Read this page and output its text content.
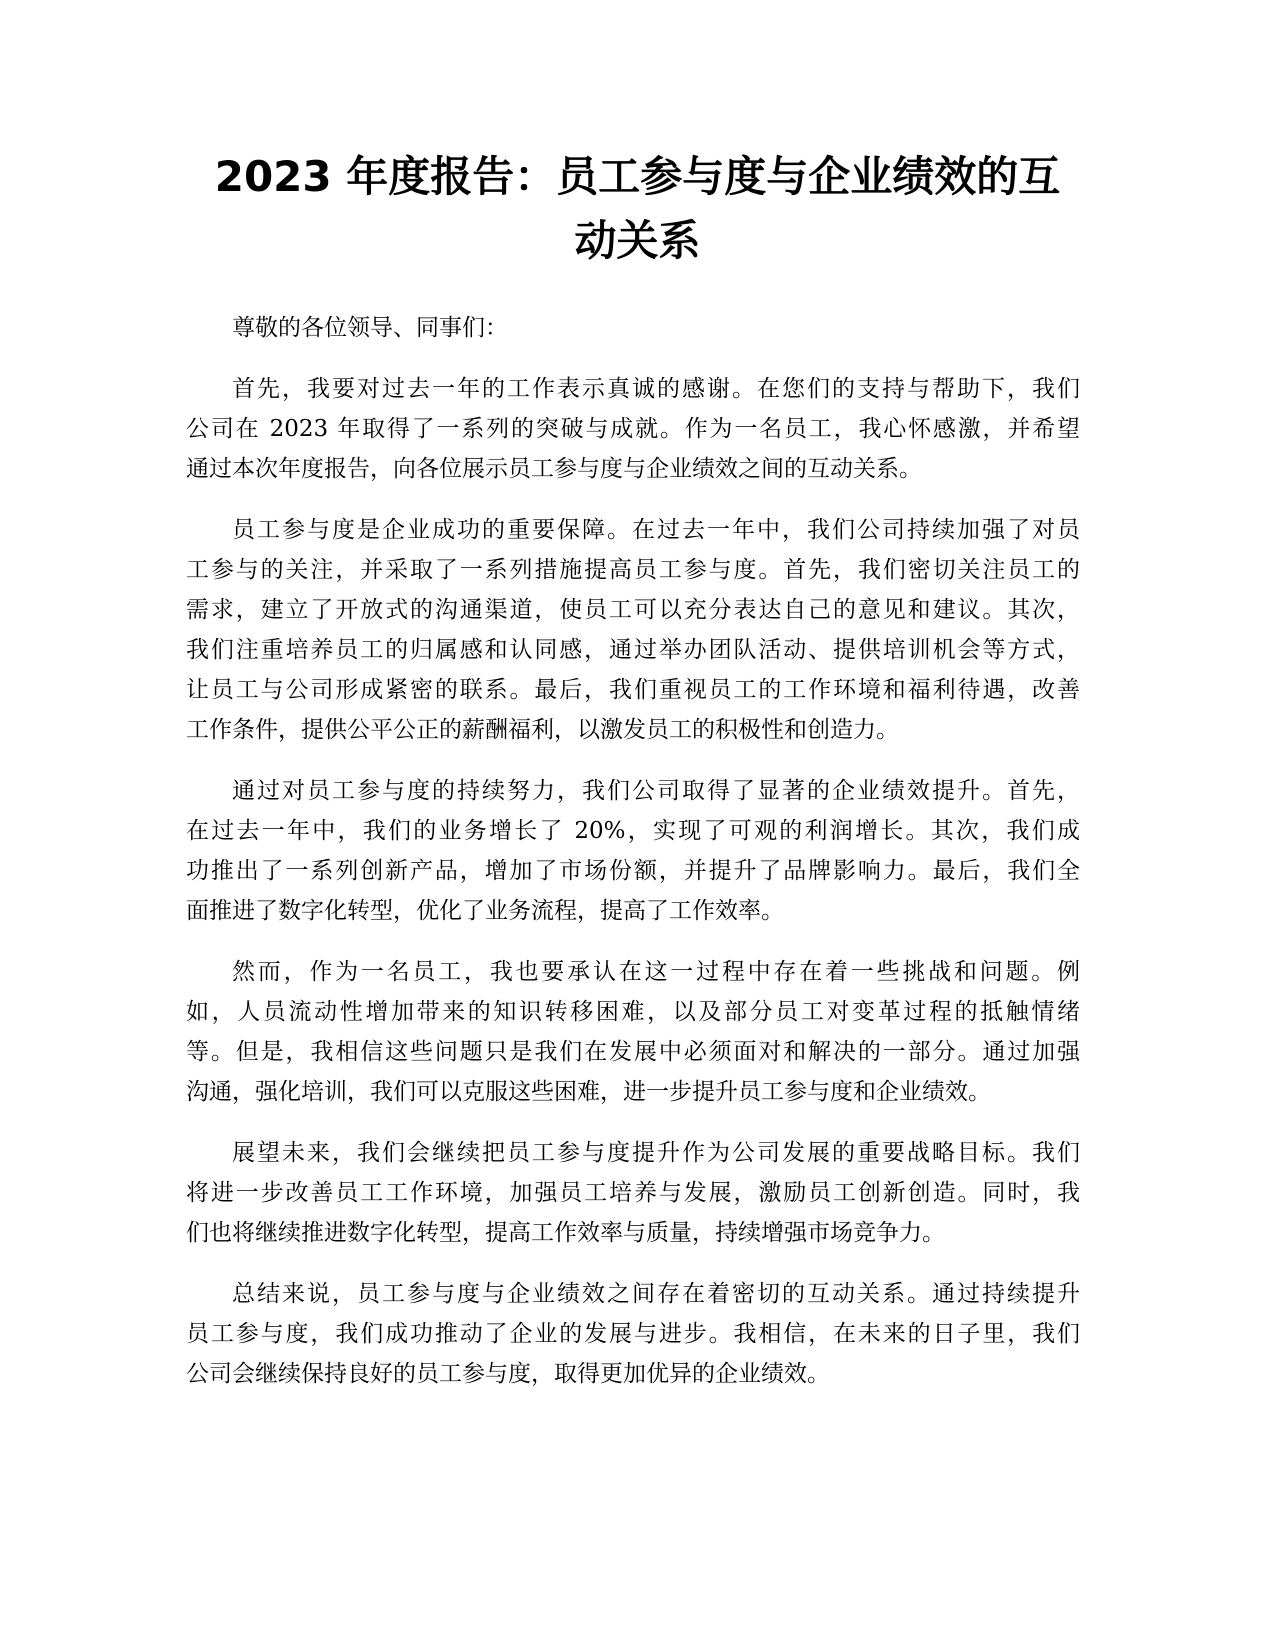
2023 年度报告：员工参与度与企业绩效的互
动关系
尊敬的各位领导、同事们：
首先，我要对过去一年的工作表示真诚的感谢。在您们的支持与帮助下，我们
公司在 2023 年取得了一系列的突破与成就。作为一名员工，我心怀感激，并希望
通过本次年度报告，向各位展示员工参与度与企业绩效之间的互动关系。
员工参与度是企业成功的重要保障。在过去一年中，我们公司持续加强了对员
工参与的关注，并采取了一系列措施提高员工参与度。首先，我们密切关注员工的
需求，建立了开放式的沟通渠道，使员工可以充分表达自己的意见和建议。其次，
我们注重培养员工的归属感和认同感，通过举办团队活动、提供培训机会等方式，
让员工与公司形成紧密的联系。最后，我们重视员工的工作环境和福利待遇，改善
工作条件，提供公平公正的薪酬福利，以激发员工的积极性和创造力。
通过对员工参与度的持续努力，我们公司取得了显著的企业绩效提升。首先，
在过去一年中，我们的业务增长了 20%，实现了可观的利润增长。其次，我们成
功推出了一系列创新产品，增加了市场份额，并提升了品牌影响力。最后，我们全
面推进了数字化转型，优化了业务流程，提高了工作效率。
然而，作为一名员工，我也要承认在这一过程中存在着一些挑战和问题。例
如，人员流动性增加带来的知识转移困难，以及部分员工对变革过程的抵触情绪
等。但是，我相信这些问题只是我们在发展中必须面对和解决的一部分。通过加强
沟通，强化培训，我们可以克服这些困难，进一步提升员工参与度和企业绩效。
展望未来，我们会继续把员工参与度提升作为公司发展的重要战略目标。我们
将进一步改善员工工作环境，加强员工培养与发展，激励员工创新创造。同时，我
们也将继续推进数字化转型，提高工作效率与质量，持续增强市场竞争力。
总结来说，员工参与度与企业绩效之间存在着密切的互动关系。通过持续提升
员工参与度，我们成功推动了企业的发展与进步。我相信，在未来的日子里，我们
公司会继续保持良好的员工参与度，取得更加优异的企业绩效。
